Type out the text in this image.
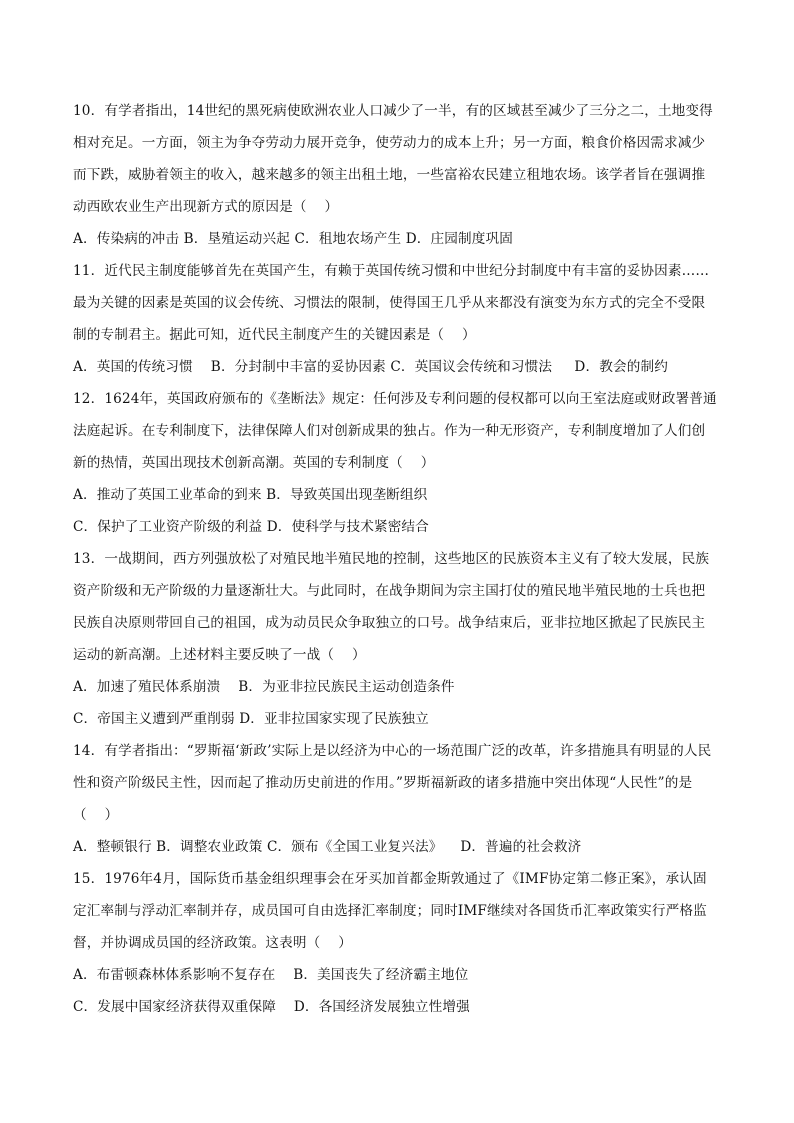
10．有学者指出，14世纪的黑死病使欧洲农业人口减少了一半，有的区域甚至减少了三分之二，土地变得
相对充足。一方面，领主为争夺劳动力展开竞争，使劳动力的成本上升；另一方面，粮食价格因需求减少
而下跌，威胁着领主的收入，越来越多的领主出租土地，一些富裕农民建立租地农场。该学者旨在强调推
动西欧农业生产出现新方式的原因是（    ）
A．传染病的冲击 B．垦殖运动兴起 C．租地农场产生 D．庄园制度巩固
11．近代民主制度能够首先在英国产生，有赖于英国传统习惯和中世纪分封制度中有丰富的妥协因素……
最为关键的因素是英国的议会传统、习惯法的限制，使得国王几乎从来都没有演变为东方式的完全不受限
制的专制君主。据此可知，近代民主制度产生的关键因素是（    ）
A．英国的传统习惯    B．分封制中丰富的妥协因素 C．英国议会传统和习惯法     D．教会的制约
12．1624年，英国政府颁布的《垄断法》规定：任何涉及专利问题的侵权都可以向王室法庭或财政署普通
法庭起诉。在专利制度下，法律保障人们对创新成果的独占。作为一种无形资产，专利制度增加了人们创
新的热情，英国出现技术创新高潮。英国的专利制度（    ）
A．推动了英国工业革命的到来 B．导致英国出现垄断组织
C．保护了工业资产阶级的利益 D．使科学与技术紧密结合
13．一战期间，西方列强放松了对殖民地半殖民地的控制，这些地区的民族资本主义有了较大发展，民族
资产阶级和无产阶级的力量逐渐壮大。与此同时，在战争期间为宗主国打仗的殖民地半殖民地的士兵也把
民族自决原则带回自己的祖国，成为动员民众争取独立的口号。战争结束后，亚非拉地区掀起了民族民主
运动的新高潮。上述材料主要反映了一战（    ）
A．加速了殖民体系崩溃    B．为亚非拉民族民主运动创造条件
C．帝国主义遭到严重削弱 D．亚非拉国家实现了民族独立
14．有学者指出：“罗斯福‘新政’实际上是以经济为中心的一场范围广泛的改革，许多措施具有明显的人民
性和资产阶级民主性，因而起了推动历史前进的作用。”罗斯福新政的诸多措施中突出体现“人民性”的是
（    ）
A．整顿银行 B．调整农业政策 C．颁布《全国工业复兴法》    D．普遍的社会救济
15．1976年4月，国际货币基金组织理事会在牙买加首都金斯敦通过了《IMF协定第二修正案》，承认固
定汇率制与浮动汇率制并存，成员国可自由选择汇率制度；同时IMF继续对各国货币汇率政策实行严格监
督，并协调成员国的经济政策。这表明（    ）
A．布雷顿森林体系影响不复存在    B．美国丧失了经济霸主地位
C．发展中国家经济获得双重保障    D．各国经济发展独立性增强
